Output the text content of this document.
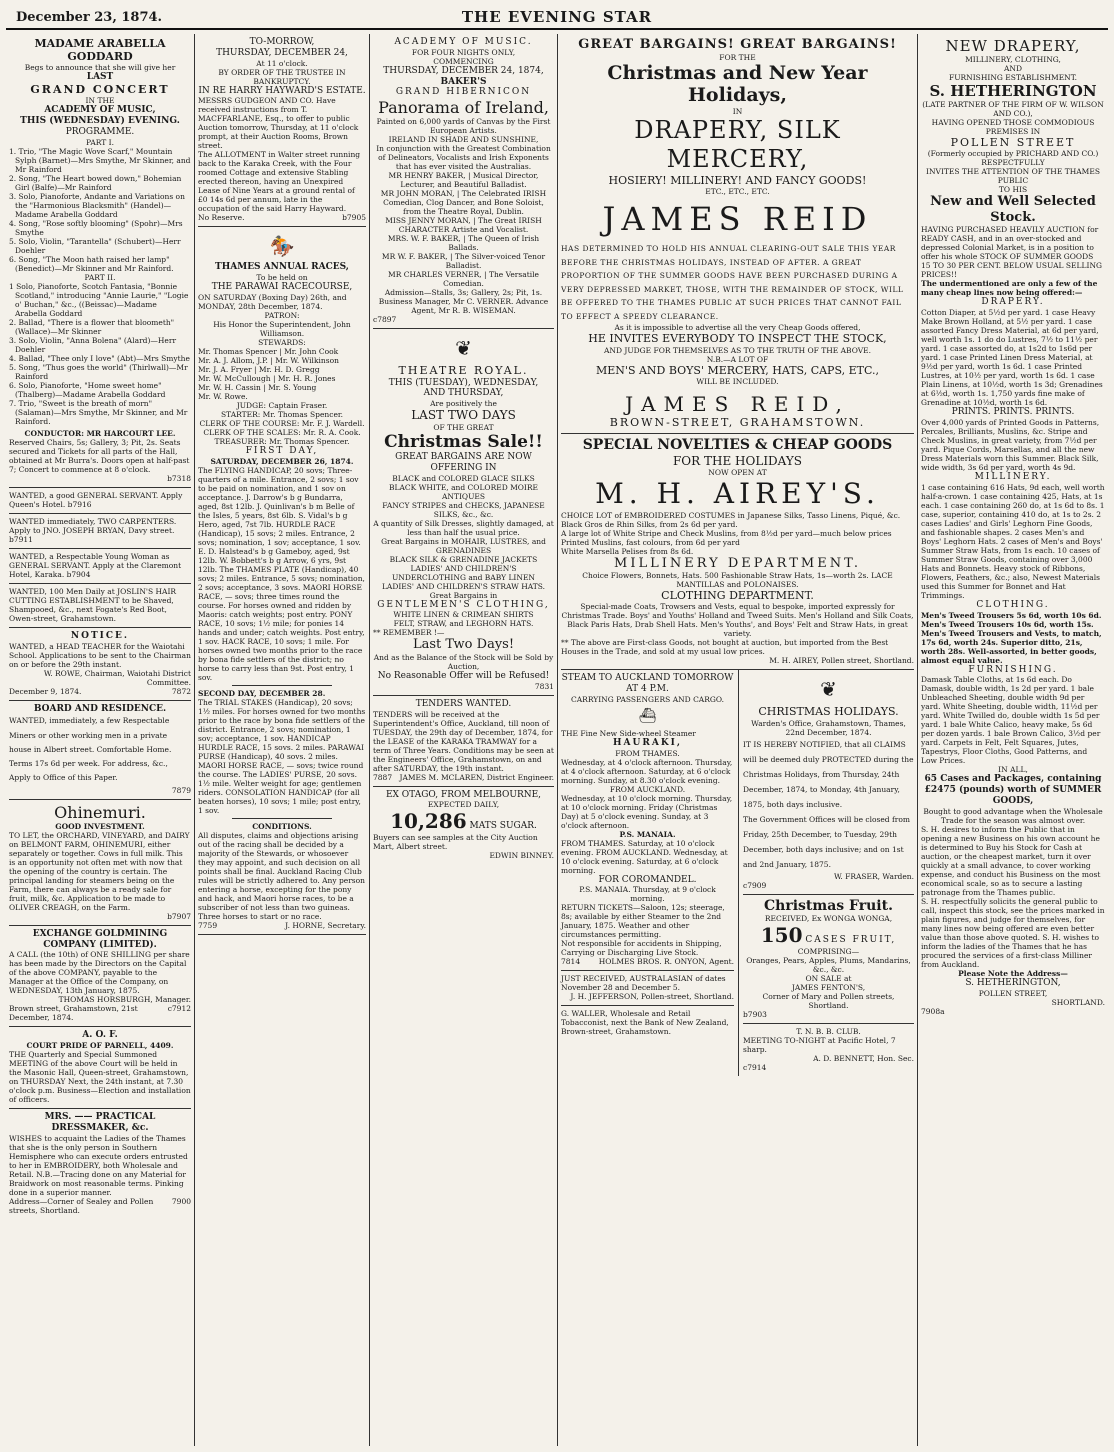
December 23, 1874.	THE EVENING STAR
MADAME ARABELLA GODDARD
Begs to announce that she will give her
LAST
GRAND CONCERT
IN THE
ACADEMY OF MUSIC,
THIS (WEDNESDAY) EVENING.
PROGRAMME.
PART I.
1. Trio, "The Magic Wove Scarf," Mountain Sylph (Barnet)—Mrs Smythe, Mr Skinner, and Mr Rainford
2. Song, "The Heart bowed down," Bohemian Girl (Balfe)—Mr Rainford
3. Solo, Pianoforte, Andante and Variations on the "Harmonious Blacksmith" (Handel)—Madame Arabella Goddard
4. Song, "Rose softly blooming" (Spohr)—Mrs Smythe
5. Solo, Violin, "Tarantella" (Schubert)—Herr Doehler
6. Song, "The Moon hath raised her lamp" (Benedict)—Mr Skinner and Mr Rainford.
PART II.
1 Solo, Pianoforte, Scotch Fantasia, "Bonnie Scotland," introducing "Annie Laurie," "Logie o' Buchan," &c., ((Beissac)—Madame Arabella Goddard
2. Ballad, "There is a flower that bloometh" (Wallace)—Mr Skinner
3. Solo, Violin, "Anna Bolena" (Alard)—Herr Doehler
4. Ballad, "Thee only I love" (Abt)—Mrs Smythe
5. Song, "Thus goes the world" (Thirlwall)—Mr Rainford
6. Solo, Pianoforte, "Home sweet home" (Thalberg)—Madame Arabella Goddard
7. Trio, "Sweet is the breath of morn" (Salaman)—Mrs Smythe, Mr Skinner, and Mr Rainford.
CONDUCTOR: MR HARCOURT LEE.
Reserved Chairs, 5s; Gallery, 3; Pit, 2s. Seats secured and Tickets for all parts of the Hall, obtained at Mr Burra's. Doors open at half-past 7; Concert to commence at 8 o'clock.
b7318
WANTED, a good GENERAL SERVANT. Apply Queen's Hotel. b7916
WANTED immediately, TWO CARPENTERS. Apply to JNO. JOSEPH BRYAN, Davy street. b7911
WANTED, a Respectable Young Woman as GENERAL SERVANT. Apply at the Claremont Hotel, Karaka. b7904
WANTED, 100 Men Daily at JOSLIN'S HAIR CUTTING ESTABLISHMENT to be Shaved, Shampooed, &c., next Fogate's Red Boot, Owen-street, Grahamstown.
NOTICE.
WANTED, a HEAD TEACHER for the Waiotahi School. Applications to be sent to the Chairman on or before the 29th instant.
W. ROWE, Chairman, Waiotahi District Committee.
December 9, 1874.	7872
BOARD AND RESIDENCE.
WANTED, immediately, a few Respectable Miners or other working men in a private house in Albert street. Comfortable Home. Terms 17s 6d per week. For address, &c., Apply to Office of this Paper.
7879
Ohinemuri.
GOOD INVESTMENT.
TO LET, the ORCHARD, VINEYARD, and DAIRY on BELMONT FARM, OHINEMURI, either separately or together. Cows in full milk. This is an opportunity not often met with now that the opening of the country is certain. The principal landing for steamers being on the Farm, there can always be a ready sale for fruit, milk, &c. Application to be made to OLIVER CREAGH, on the Farm.
b7907
EXCHANGE GOLDMINING COMPANY (LIMITED).
A CALL (the 10th) of ONE SHILLING per share has been made by the Directors on the Capital of the above COMPANY, payable to the Manager at the Office of the Company, on WEDNESDAY, 13th January, 1875.
THOMAS HORSBURGH, Manager.
Brown street, Grahamstown, 21st December, 1874.
c7912
A. O. F.
COURT PRIDE OF PARNELL, 4409.
THE Quarterly and Special Summoned MEETING of the above Court will be held in the Masonic Hall, Queen-street, Grahamstown, on THURSDAY Next, the 24th instant, at 7.30 o'clock p.m. Business—Election and installation of officers.
MRS. —— PRACTICAL DRESSMAKER, &c.
WISHES to acquaint the Ladies of the Thames that she is the only person in Southern Hemisphere who can execute orders entrusted to her in EMBROIDERY, both Wholesale and Retail. N.B.—Tracing done on any Material for Braidwork on most reasonable terms. Pinking done in a superior manner.
Address—Corner of Sealey and Pollen streets, Shortland.
7900
TO-MORROW,
THURSDAY, DECEMBER 24,
At 11 o'clock.
BY ORDER OF THE TRUSTEE IN BANKRUPTCY.
IN RE HARRY HAYWARD'S ESTATE.
MESSRS GUDGEON AND CO. Have received instructions from T. MACFFARLANE, Esq., to offer to public Auction tomorrow, Thursday, at 11 o'clock prompt, at their Auction Rooms, Brown street.
The ALLOTMENT in Walter street running back to the Karaka Creek, with the Four roomed Cottage and extensive Stabling erected thereon, having an Unexpired Lease of Nine Years at a ground rental of £0 14s 6d per annum, late in the occupation of the said Harry Hayward.
No Reserve.	b7905
🏇
THAMES ANNUAL RACES,
To be held on
THE PARAWAI RACECOURSE,
ON SATURDAY (Boxing Day) 26th, and MONDAY, 28th December, 1874.
PATRON:
His Honor the Superintendent, John Williamson.
STEWARDS:
Mr. Thomas Spencer | Mr. John Cook
Mr. A. J. Allom, J.P. | Mr. W. Wilkinson
Mr. J. A. Fryer | Mr. H. D. Gregg
Mr. W. McCullough | Mr. H. R. Jones
Mr. W. H. Cassin | Mr. S. Young
Mr. W. Rowe.
JUDGE: Captain Fraser.
STARTER: Mr. Thomas Spencer.
CLERK OF THE COURSE: Mr. F. J. Wardell.
CLERK OF THE SCALES: Mr. R. A. Cook.
TREASURER: Mr. Thomas Spencer.
FIRST DAY,
SATURDAY, DECEMBER 26, 1874.
The FLYING HANDICAP, 20 sovs; Three-quarters of a mile. Entrance, 2 sovs; 1 sov to be paid on nomination, and 1 sov on acceptance. J. Darrow's b g Bundarra, aged, 8st 12lb. J. Quinlivan's b m Belle of the Isles, 5 years, 8st 6lb. S. Vidal's b g Hero, aged, 7st 7lb. HURDLE RACE (Handicap), 15 sovs; 2 miles. Entrance, 2 sovs; nomination, 1 sov; acceptance, 1 sov. E. D. Halstead's b g Gameboy, aged, 9st 12lb. W. Bobbett's b g Arrow, 6 yrs, 9st 12lb. The THAMES PLATE (Handicap), 40 sovs; 2 miles. Entrance, 5 sovs; nomination, 2 sovs; acceptance, 3 sovs. MAORI HORSE RACE, — sovs; three times round the course. For horses owned and ridden by Maoris: catch weights; post entry. PONY RACE, 10 sovs; 1½ mile; for ponies 14 hands and under; catch weights. Post entry, 1 sov. HACK RACE, 10 sovs; 1 mile. For horses owned two months prior to the race by bona fide settlers of the district; no horse to carry less than 9st. Post entry, 1 sov.
SECOND DAY, DECEMBER 28.
The TRIAL STAKES (Handicap), 20 sovs; 1½ miles. For horses owned for two months prior to the race by bona fide settlers of the district. Entrance, 2 sovs; nomination, 1 sov; acceptance, 1 sov. HANDICAP HURDLE RACE, 15 sovs. 2 miles. PARAWAI PURSE (Handicap), 40 sovs. 2 miles. MAORI HORSE RACE, — sovs; twice round the course. The LADIES' PURSE, 20 sovs. 1½ mile. Welter weight for age; gentlemen riders. CONSOLATION HANDICAP (for all beaten horses), 10 sovs; 1 mile; post entry, 1 sov.
CONDITIONS.
All disputes, claims and objections arising out of the racing shall be decided by a majority of the Stewards, or whosoever they may appoint, and such decision on all points shall be final. Auckland Racing Club rules will be strictly adhered to. Any person entering a horse, excepting for the pony and hack, and Maori horse races, to be a subscriber of not less than two guineas. Three horses to start or no race.
7759	J. HORNE, Secretary.
ACADEMY OF MUSIC.
FOR FOUR NIGHTS ONLY,
COMMENCING
THURSDAY, DECEMBER 24, 1874,
BAKER'S
GRAND HIBERNICON
Panorama of Ireland,
Painted on 6,000 yards of Canvas by the First European Artists.
IRELAND IN SHADE AND SUNSHINE,
In conjunction with the Greatest Combination of Delineators, Vocalists and Irish Exponents that has ever visited the Australias.
MR HENRY BAKER, | Musical Director, Lecturer, and Beautiful Balladist.
MR JOHN MORAN, | The Celebrated IRISH Comedian, Clog Dancer, and Bone Soloist, from the Theatre Royal, Dublin.
MISS JENNY MORAN, | The Great IRISH CHARACTER Artiste and Vocalist.
MRS. W. F. BAKER, | The Queen of Irish Ballads.
MR W. F. BAKER, | The Silver-voiced Tenor Balladist.
MR CHARLES VERNER, | The Versatile Comedian.
Admission—Stalls, 3s; Gallery, 2s; Pit, 1s.
Business Manager, Mr C. VERNER. Advance Agent, Mr R. B. WISEMAN.
c7897
❦
THEATRE ROYAL.
THIS (TUESDAY), WEDNESDAY,
AND THURSDAY,
Are positively the
LAST TWO DAYS
OF THE GREAT
Christmas Sale!!
GREAT BARGAINS ARE NOW OFFERING IN
BLACK and COLORED GLACE SILKS
BLACK WHITE, and COLORED MOIRE ANTIQUES
FANCY STRIPES and CHECKS, JAPANESE SILKS, &c., &c.
A quantity of Silk Dresses, slightly damaged, at less than half the usual price.
Great Bargains in MOHAIR, LUSTRES, and GRENADINES
BLACK SILK & GRENADINE JACKETS
LADIES' AND CHILDREN'S UNDERCLOTHING and BABY LINEN
LADIES' AND CHILDREN'S STRAW HATS.
Great Bargains in
GENTLEMEN'S CLOTHING,
WHITE LINEN & CRIMEAN SHIRTS
FELT, STRAW, and LEGHORN HATS.
** REMEMBER !—
Last Two Days!
And as the Balance of the Stock will be Sold by Auction,
No Reasonable Offer will be Refused!
7831
TENDERS WANTED.
TENDERS will be received at the Superintendent's Office, Auckland, till noon of TUESDAY, the 29th day of December, 1874, for the LEASE of the KARAKA TRAMWAY for a term of Three Years. Conditions may be seen at the Engineers' Office, Grahamstown, on and after SATURDAY, the 19th instant.
7887 JAMES M. MCLAREN, District Engineer.
EX OTAGO, FROM MELBOURNE,
EXPECTED DAILY,
10,286 MATS SUGAR.
Buyers can see samples at the City Auction Mart, Albert street.
EDWIN BINNEY.
GREAT BARGAINS! GREAT BARGAINS!
FOR THE
Christmas and New Year Holidays,
IN
DRAPERY, SILK MERCERY,
HOSIERY! MILLINERY! AND FANCY GOODS!
ETC., ETC., ETC.
JAMES REID
HAS DETERMINED TO HOLD HIS ANNUAL CLEARING-OUT SALE THIS YEAR BEFORE THE CHRISTMAS HOLIDAYS, INSTEAD OF AFTER. A GREAT PROPORTION OF THE SUMMER GOODS HAVE BEEN PURCHASED DURING A VERY DEPRESSED MARKET, THOSE, WITH THE REMAINDER OF STOCK, WILL BE OFFERED TO THE THAMES PUBLIC AT SUCH PRICES THAT CANNOT FAIL TO EFFECT A SPEEDY CLEARANCE.
As it is impossible to advertise all the very Cheap Goods offered,
HE INVITES EVERYBODY TO INSPECT THE STOCK,
AND JUDGE FOR THEMSELVES AS TO THE TRUTH OF THE ABOVE.
N.B.—A LOT OF
MEN'S AND BOYS' MERCERY, HATS, CAPS, ETC.,
WILL BE INCLUDED.
JAMES REID,
BROWN-STREET, GRAHAMSTOWN.
SPECIAL NOVELTIES & CHEAP GOODS
FOR THE HOLIDAYS
NOW OPEN AT
M. H. AIREY'S.
CHOICE LOT of EMBROIDERED COSTUMES in Japanese Silks, Tasso Linens, Piqué, &c. Black Gros de Rhin Silks, from 2s 6d per yard.
A large lot of White Stripe and Check Muslins, from 8½d per yard—much below prices
Printed Muslins, fast colours, from 6d per yard
White Marsella Pelises from 8s 6d.
MILLINERY DEPARTMENT.
Choice Flowers, Bonnets, Hats. 500 Fashionable Straw Hats, 1s—worth 2s. LACE MANTILLAS and POLONAISES.
CLOTHING DEPARTMENT.
Special-made Coats, Trowsers and Vests, equal to bespoke, imported expressly for Christmas Trade. Boys' and Youths' Holland and Tweed Suits. Men's Holland and Silk Coats, Black Paris Hats, Drab Shell Hats. Men's Youths', and Boys' Felt and Straw Hats, in great variety.
** The above are First-class Goods, not bought at auction, but imported from the Best Houses in the Trade, and sold at my usual low prices.
M. H. AIREY, Pollen street, Shortland.
STEAM TO AUCKLAND TOMORROW AT 4 P.M.
CARRYING PASSENGERS AND CARGO.
⛴
THE Fine New Side-wheel Steamer
HAURAKI,
FROM THAMES.
Wednesday, at 4 o'clock afternoon. Thursday, at 4 o'clock afternoon. Saturday, at 6 o'clock morning. Sunday, at 8.30 o'clock evening.
FROM AUCKLAND.
Wednesday, at 10 o'clock morning. Thursday, at 10 o'clock morning. Friday (Christmas Day) at 5 o'clock evening. Sunday, at 3 o'clock afternoon.
P.S. MANAIA.
FROM THAMES. Saturday, at 10 o'clock evening. FROM AUCKLAND. Wednesday, at 10 o'clock evening. Saturday, at 6 o'clock morning.
FOR COROMANDEL.
P.S. MANAIA. Thursday, at 9 o'clock morning.
RETURN TICKETS—Saloon, 12s; steerage, 8s; available by either Steamer to the 2nd January, 1875. Weather and other circumstances permitting.
Not responsible for accidents in Shipping, Carrying or Discharging Live Stock.
7814 HOLMES BROS. R. ONYON, Agent.
JUST RECEIVED, AUSTRALASIAN of dates November 28 and December 5.
J. H. JEFFERSON, Pollen-street, Shortland.
G. WALLER, Wholesale and Retail Tobacconist, next the Bank of New Zealand, Brown-street, Grahamstown.
❦
CHRISTMAS HOLIDAYS.
Warden's Office, Grahamstown, Thames, 22nd December, 1874.
IT IS HEREBY NOTIFIED, that all CLAIMS will be deemed duly PROTECTED during the Christmas Holidays, from Thursday, 24th December, 1874, to Monday, 4th January, 1875, both days inclusive.
The Government Offices will be closed from Friday, 25th December, to Tuesday, 29th December, both days inclusive; and on 1st and 2nd January, 1875.
W. FRASER, Warden.
c7909
Christmas Fruit.
RECEIVED, Ex WONGA WONGA,
150 CASES FRUIT,
COMPRISING—
Oranges, Pears, Apples, Plums, Mandarins, &c., &c.
ON SALE at
JAMES FENTON'S,
Corner of Mary and Pollen streets, Shortland.
b7903
T. N. B. B. CLUB.
MEETING TO-NIGHT at Pacific Hotel, 7 sharp.
A. D. BENNETT, Hon. Sec.
c7914
NEW DRAPERY,
MILLINERY, CLOTHING,
AND
FURNISHING ESTABLISHMENT.
S. HETHERINGTON
(LATE PARTNER OF THE FIRM OF W. WILSON AND CO.),
HAVING OPENED THOSE COMMODIOUS PREMISES IN
POLLEN STREET
(Formerly occupied by PRICHARD AND CO.)
RESPECTFULLY
INVITES THE ATTENTION OF THE THAMES PUBLIC
TO HIS
New and Well Selected Stock.
HAVING PURCHASED HEAVILY AUCTION for READY CASH, and in an over-stocked and depressed Colonial Market, is in a position to offer his whole STOCK OF SUMMER GOODS 15 TO 30 PER CENT. BELOW USUAL SELLING PRICES!!
The undermentioned are only a few of the many cheap lines now being offered:—
DRAPERY.
Cotton Diaper, at 5½d per yard. 1 case Heavy Make Brown Holland, at 5½ per yard. 1 case assorted Fancy Dress Material, at 6d per yard, well worth 1s. 1 do do Lustres, 7½ to 11½ per yard. 1 case assorted do, at 1s2d to 1s6d per yard. 1 case Printed Linen Dress Material, at 9½d per yard, worth 1s 6d. 1 case Printed Lustres, at 10½ per yard, worth 1s 6d. 1 case Plain Linens, at 10½d, worth 1s 3d; Grenadines at 6½d, worth 1s. 1,750 yards fine make of Grenadine at 10½d, worth 1s 6d.
PRINTS. PRINTS. PRINTS.
Over 4,000 yards of Printed Goods in Patterns, Percales, Brilliants, Muslins, &c. Stripe and Check Muslins, in great variety, from 7½d per yard. Pique Cords, Marsellas, and all the new Dress Materials worn this Summer. Black Silk, wide width, 3s 6d per yard, worth 4s 9d.
MILLINERY.
1 case containing 616 Hats, 9d each, well worth half-a-crown. 1 case containing 425, Hats, at 1s each. 1 case containing 260 do, at 1s 6d to 8s. 1 case, superior, containing 410 do, at 1s to 2s. 2 cases Ladies' and Girls' Leghorn Fine Goods, and fashionable shapes. 2 cases Men's and Boys' Leghorn Hats. 2 cases of Men's and Boys' Summer Straw Hats, from 1s each. 10 cases of Summer Straw Goods, containing over 3,000 Hats and Bonnets. Heavy stock of Ribbons, Flowers, Feathers, &c.; also, Newest Materials used this Summer for Bonnet and Hat Trimmings.
CLOTHING.
Men's Tweed Trousers 5s 6d, worth 10s 6d. Men's Tweed Trousers 10s 6d, worth 15s. Men's Tweed Trousers and Vests, to match, 17s 6d, worth 24s. Superior ditto, 21s, worth 28s. Well-assorted, in better goods, almost equal value.
FURNISHING.
Damask Table Cloths, at 1s 6d each. Do Damask, double width, 1s 2d per yard. 1 bale Unbleached Sheeting, double width 9d per yard. White Sheeting, double width, 11½d per yard. White Twilled do, double width 1s 5d per yard. 1 bale White Calico, heavy make, 5s 6d per dozen yards. 1 bale Brown Calico, 3½d per yard. Carpets in Felt, Felt Squares, Jutes, Tapestrys, Floor Cloths, Good Patterns, and Low Prices.
IN ALL,
65 Cases and Packages, containing £2475 (pounds) worth of SUMMER GOODS,
Bought to good advantage when the Wholesale Trade for the season was almost over.
S. H. desires to inform the Public that in opening a new Business on his own account he is determined to Buy his Stock for Cash at auction, or the cheapest market, turn it over quickly at a small advance, to cover working expense, and conduct his Business on the most economical scale, so as to secure a lasting patronage from the Thames public.
S. H. respectfully solicits the general public to call, inspect this stock, see the prices marked in plain figures, and judge for themselves, for many lines now being offered are even better value than those above quoted. S. H. wishes to inform the ladies of the Thames that he has procured the services of a first-class Milliner from Auckland.
Please Note the Address—
S. HETHERINGTON,
POLLEN STREET,
SHORTLAND.
7908a
